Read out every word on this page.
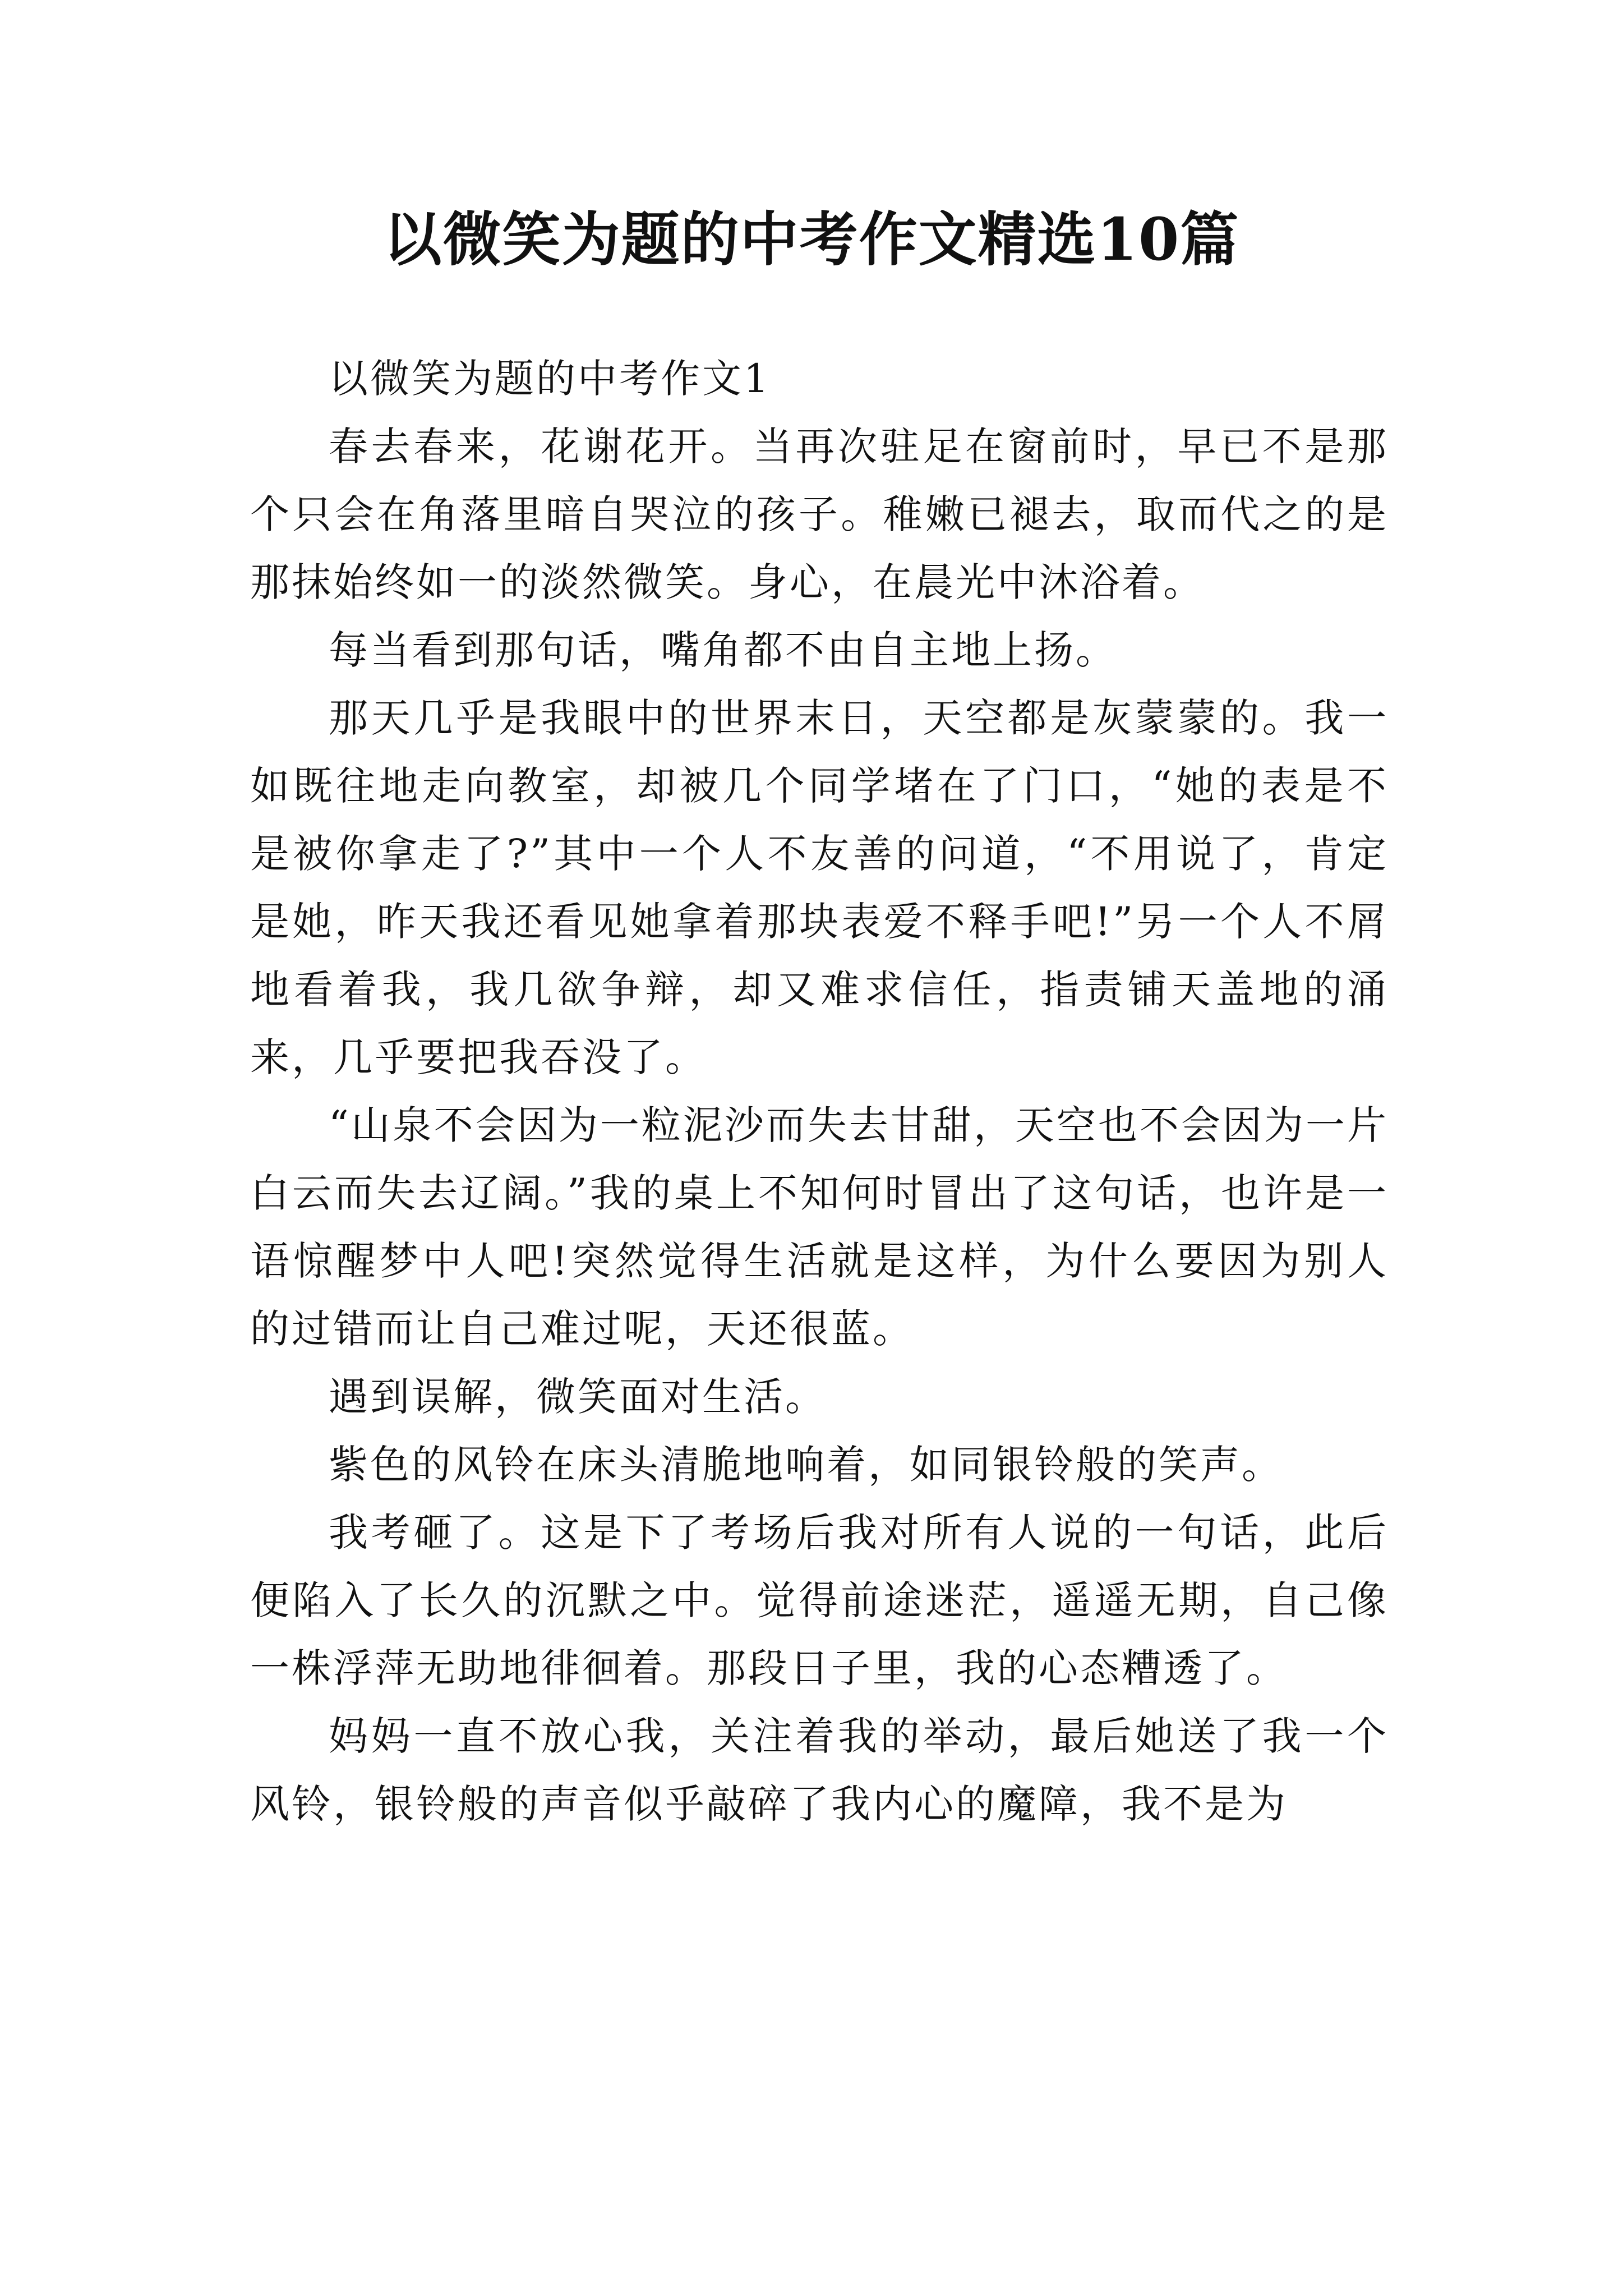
以微笑为题的中考作文精选10篇

以微笑为题的中考作文1

春去春来，花谢花开。当再次驻足在窗前时，早已不是那个只会在角落里暗自哭泣的孩子。稚嫩已褪去，取而代之的是那抹始终如一的淡然微笑。身心，在晨光中沐浴着。

每当看到那句话，嘴角都不由自主地上扬。

那天几乎是我眼中的世界末日，天空都是灰蒙蒙的。我一如既往地走向教室，却被几个同学堵在了门口，“她的表是不是被你拿走了?”其中一个人不友善的问道，“不用说了，肯定是她，昨天我还看见她拿着那块表爱不释手吧!”另一个人不屑地看着我，我几欲争辩，却又难求信任，指责铺天盖地的涌来，几乎要把我吞没了。

“山泉不会因为一粒泥沙而失去甘甜，天空也不会因为一片白云而失去辽阔。”我的桌上不知何时冒出了这句话，也许是一语惊醒梦中人吧!突然觉得生活就是这样，为什么要因为别人的过错而让自己难过呢，天还很蓝。

遇到误解，微笑面对生活。

紫色的风铃在床头清脆地响着，如同银铃般的笑声。

我考砸了。这是下了考场后我对所有人说的一句话，此后便陷入了长久的沉默之中。觉得前途迷茫，遥遥无期，自己像一株浮萍无助地徘徊着。那段日子里，我的心态糟透了。

妈妈一直不放心我，关注着我的举动，最后她送了我一个风铃，银铃般的声音似乎敲碎了我内心的魔障，我不是为
